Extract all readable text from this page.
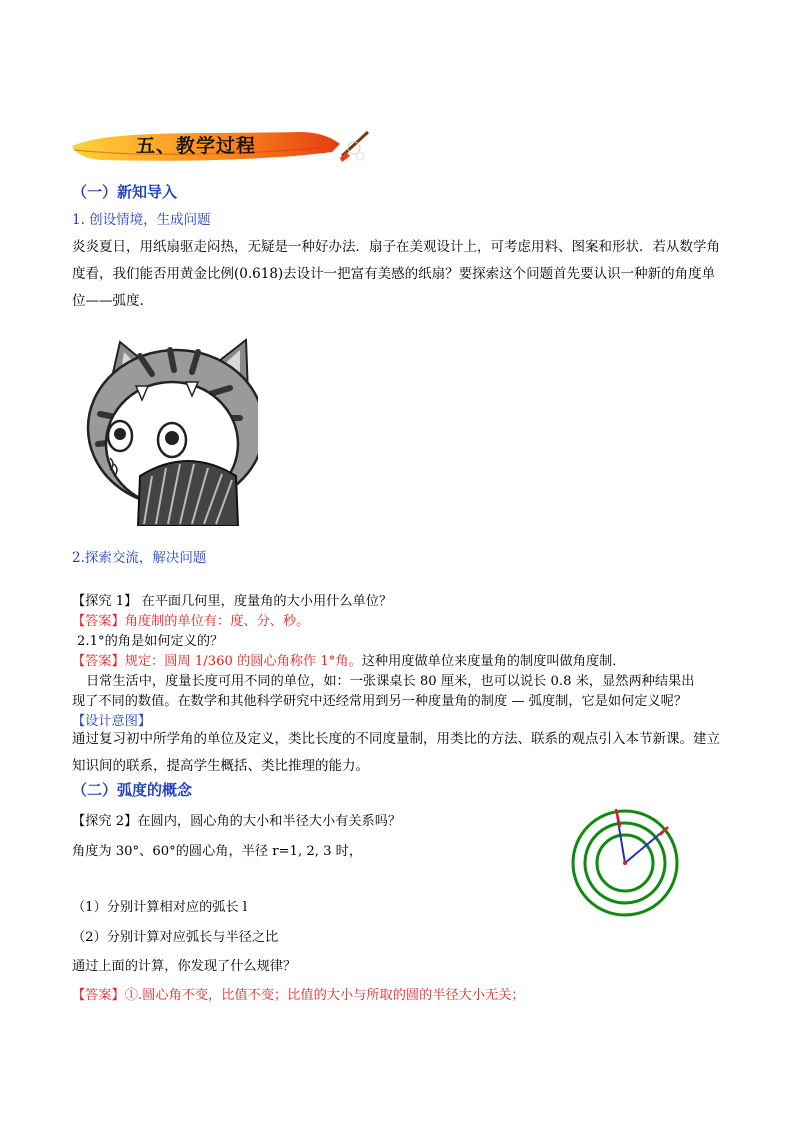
五、教学过程
（一）新知导入
1. 创设情境，生成问题
炎炎夏日，用纸扇驱走闷热，无疑是一种好办法．扇子在美观设计上，可考虑用料、图案和形状．若从数学角度看，我们能否用黄金比例(0.618)去设计一把富有美感的纸扇？要探索这个问题首先要认识一种新的角度单位——弧度.
2.探索交流，解决问题
【探究 1】 在平面几何里，度量角的大小用什么单位？
【答案】角度制的单位有：度、分、秒。
2.1°的角是如何定义的？
【答案】规定：圆周 1/360 的圆心角称作 1°角。这种用度做单位来度量角的制度叫做角度制．
日常生活中，度量长度可用不同的单位，如：一张课桌长 80 厘米，也可以说长 0.8 米，显然两种结果出
现了不同的数值。在数学和其他科学研究中还经常用到另一种度量角的制度 — 弧度制，它是如何定义呢？
【设计意图】
通过复习初中所学角的单位及定义，类比长度的不同度量制，用类比的方法、联系的观点引入本节新课。建立知识间的联系，提高学生概括、类比推理的能力。
（二）弧度的概念
【探究 2】在圆内，圆心角的大小和半径大小有关系吗？
角度为 30°、60°的圆心角，半径 r=1, 2, 3 时，
（1）分别计算相对应的弧长 l
（2）分别计算对应弧长与半径之比
通过上面的计算，你发现了什么规律？
【答案】①.圆心角不变，比值不变；比值的大小与所取的圆的半径大小无关；
